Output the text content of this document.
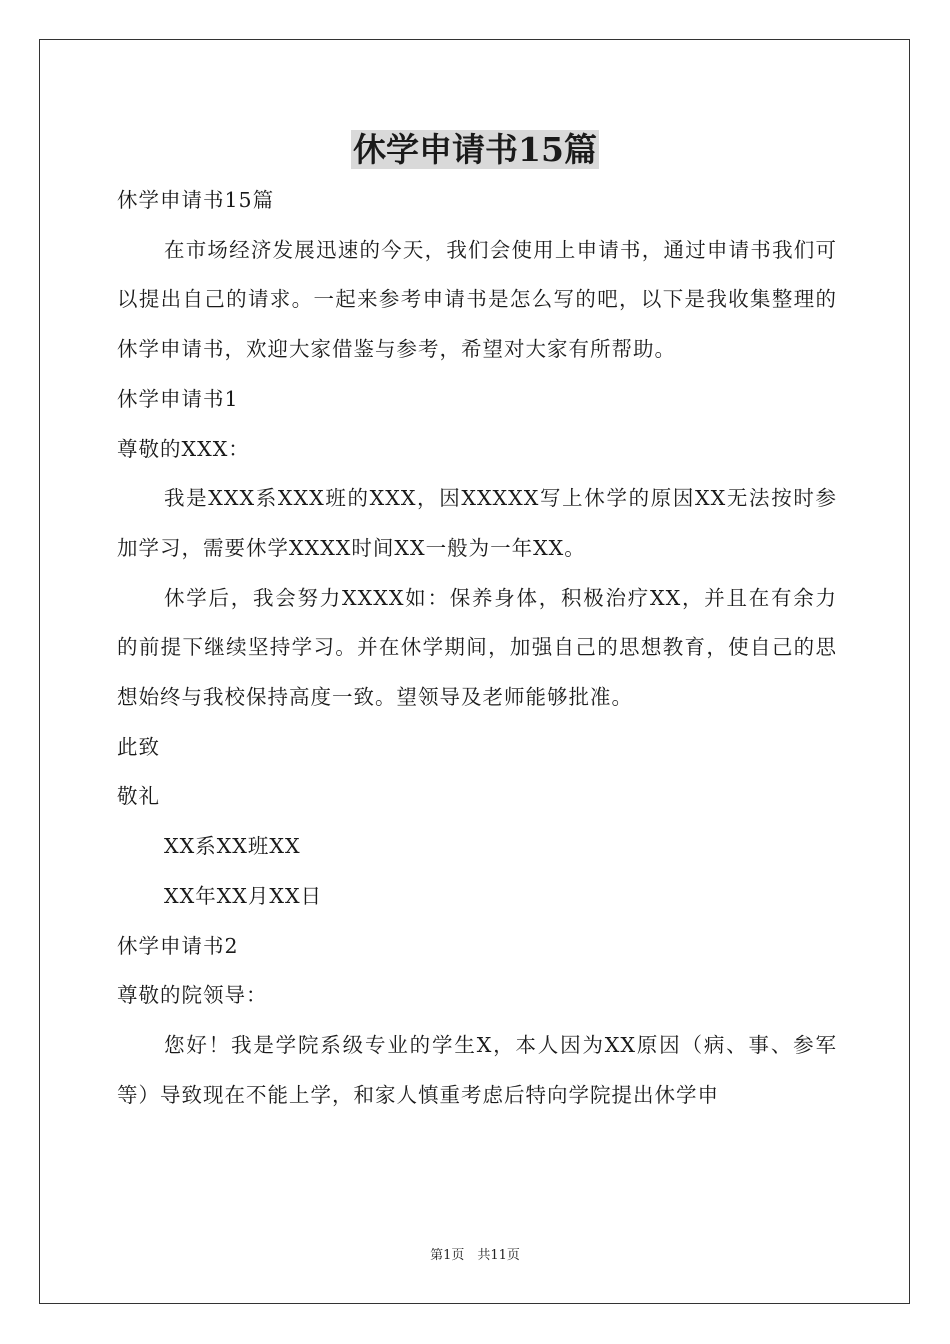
休学申请书15篇

休学申请书15篇

在市场经济发展迅速的今天，我们会使用上申请书，通过申请书我们可以提出自己的请求。一起来参考申请书是怎么写的吧，以下是我收集整理的休学申请书，欢迎大家借鉴与参考，希望对大家有所帮助。

休学申请书1

尊敬的XXX：

我是XXX系XXX班的XXX，因XXXXX写上休学的原因XX无法按时参加学习，需要休学XXXX时间XX一般为一年XX。

休学后，我会努力XXXX如：保养身体，积极治疗XX，并且在有余力的前提下继续坚持学习。并在休学期间，加强自己的思想教育，使自己的思想始终与我校保持高度一致。望领导及老师能够批准。

此致

敬礼

XX系XX班XX

XX年XX月XX日

休学申请书2

尊敬的院领导：

您好！我是学院系级专业的学生X，本人因为XX原因（病、事、参军等）导致现在不能上学，和家人慎重考虑后特向学院提出休学申

第1页　共11页
